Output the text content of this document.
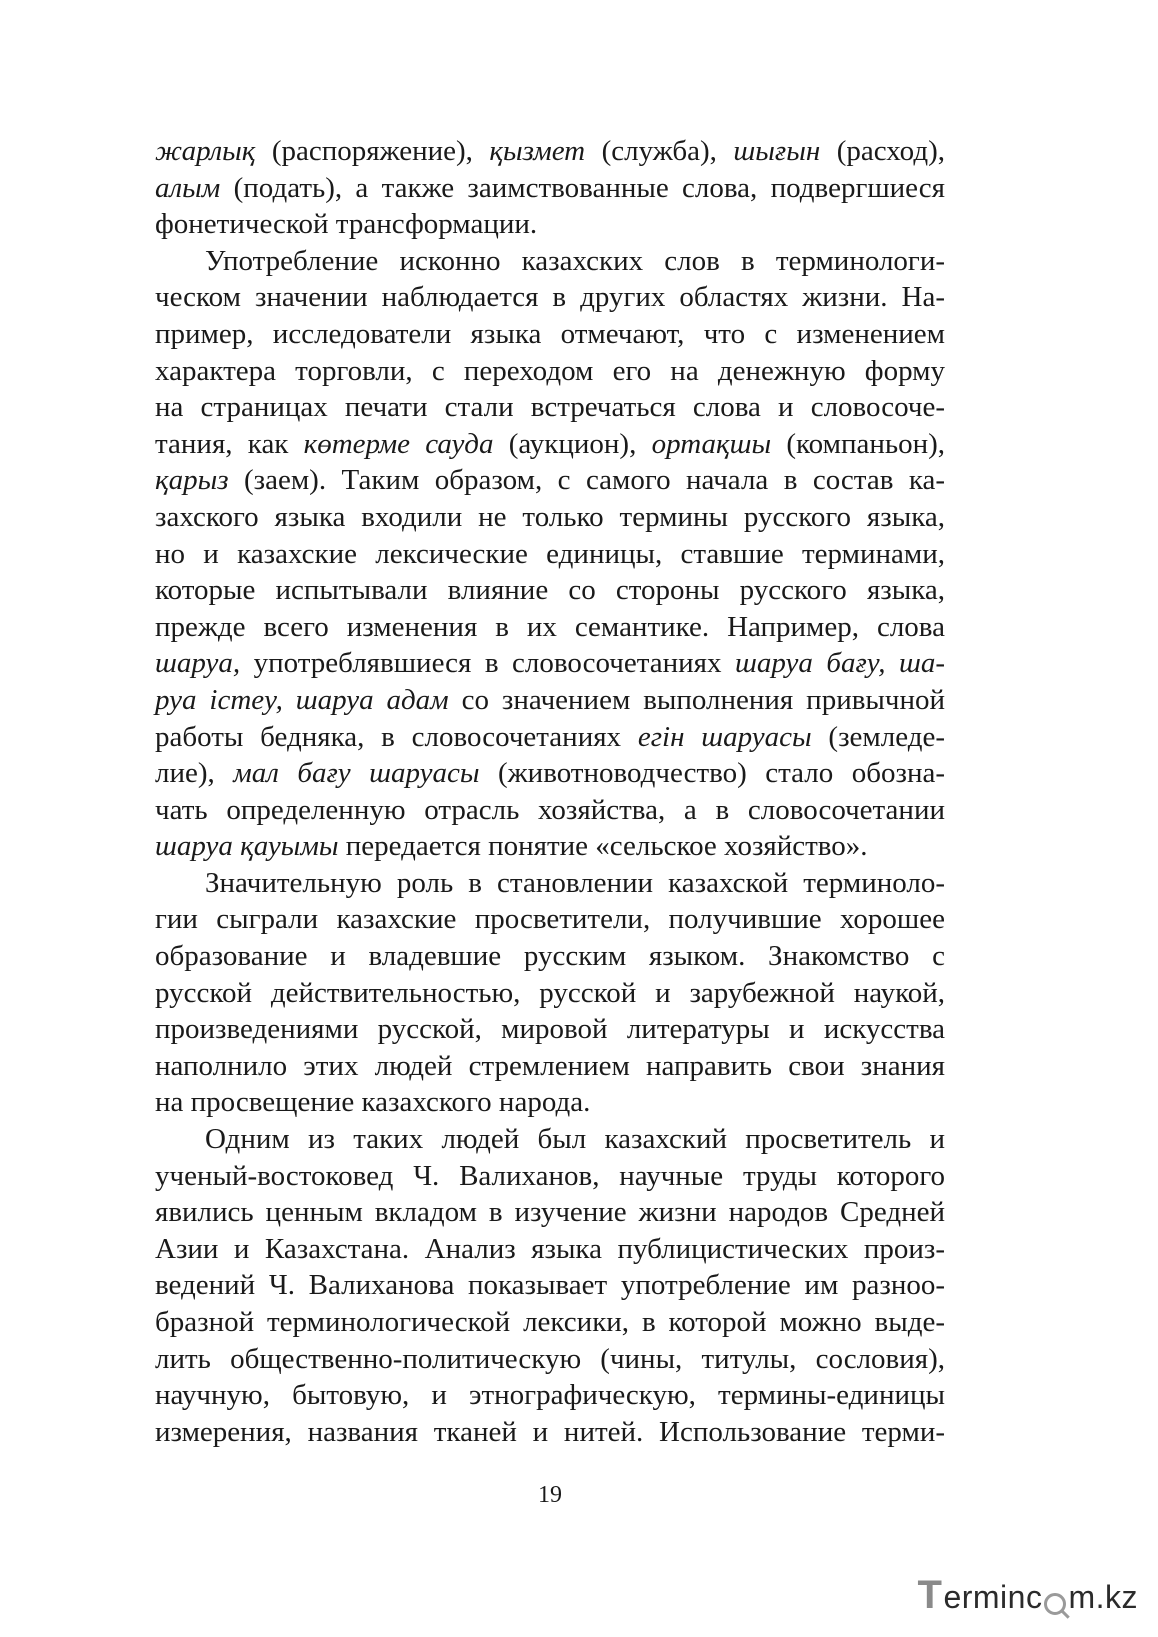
жарлық (распоряжение), қызмет (служба), шығын (расход),
алым (подать), а также заимствованные слова, подвергшиеся
фонетической трансформации.

Употребление исконно казахских слов в терминологи-
ческом значении наблюдается в других областях жизни. На-
пример, исследователи языка отмечают, что с изменением
характера торговли, с переходом его на денежную форму
на страницах печати стали встречаться слова и словосоче-
тания, как көтерме сауда (аукцион), ортақшы (компаньон),
қарыз (заем). Таким образом, с самого начала в состав ка-
захского языка входили не только термины русского языка,
но и казахские лексические единицы, ставшие терминами,
которые испытывали влияние со стороны русского языка,
прежде всего изменения в их семантике. Например, слова
шаруа, употреблявшиеся в словосочетаниях шаруа бағу, ша-
руа істеу, шаруа адам со значением выполнения привычной
работы бедняка, в словосочетаниях егін шаруасы (земледе-
лие), мал бағу шаруасы (животноводчество) стало обозна-
чать определенную отрасль хозяйства, а в словосочетании
шаруа қауымы передается понятие «сельское хозяйство».

Значительную роль в становлении казахской терминоло-
гии сыграли казахские просветители, получившие хорошее
образование и владевшие русским языком. Знакомство с
русской действительностью, русской и зарубежной наукой,
произведениями русской, мировой литературы и искусства
наполнило этих людей стремлением направить свои знания
на просвещение казахского народа.

Одним из таких людей был казахский просветитель и
ученый-востоковед Ч. Валиханов, научные труды которого
явились ценным вкладом в изучение жизни народов Средней
Азии и Казахстана. Анализ языка публицистических произ-
ведений Ч. Валиханова показывает употребление им разноо-
бразной терминологической лексики, в которой можно выде-
лить общественно-политическую (чины, титулы, сословия),
научную, бытовую, и этнографическую, термины-единицы
измерения, названия тканей и нитей. Использование терми-

19
T erminc m.kz
